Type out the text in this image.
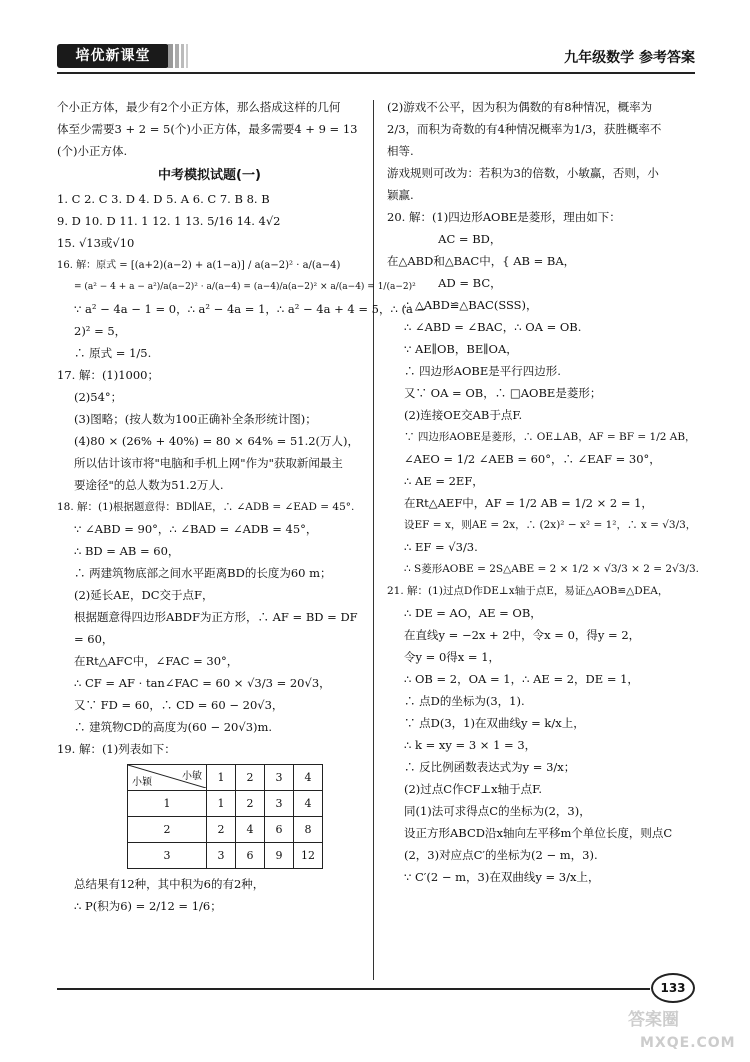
培优新课堂	九年级数学 参考答案
个小正方体，最少有2个小正方体，那么搭成这样的几何
体至少需要3 + 2 = 5(个)小正方体，最多需要4 + 9 = 13
(个)小正方体.
中考模拟试题(一)
1. C 2. C 3. D 4. D 5. A 6. C 7. B 8. B
9. D 10. D 11. 1 12. 1 13. 5/16 14. 4√2
15. √13或√10
16. 解：原式 = [(a+2)(a−2) + a(1−a)] / a(a−2)² · a/(a−4)
= (a² − 4 + a − a²)/a(a−2)² · a/(a−4) = (a−4)/a(a−2)² × a/(a−4) = 1/(a−2)²
∵ a² − 4a − 1 = 0，∴ a² − 4a = 1，∴ a² − 4a + 4 = 5，∴ (a −
2)² = 5，
∴ 原式 = 1/5.
17. 解：(1)1000；
(2)54°；
(3)图略；(按人数为100正确补全条形统计图)；
(4)80 × (26% + 40%) = 80 × 64% = 51.2(万人)，
所以估计该市将"电脑和手机上网"作为"获取新闻最主
要途径"的总人数为51.2万人.
18. 解：(1)根据题意得：BD∥AE，∴ ∠ADB = ∠EAD = 45°.
∵ ∠ABD = 90°，∴ ∠BAD = ∠ADB = 45°，
∴ BD = AB = 60，
∴ 两建筑物底部之间水平距离BD的长度为60 m；
(2)延长AE，DC交于点F，
根据题意得四边形ABDF为正方形，∴ AF = BD = DF
= 60，
在Rt△AFC中，∠FAC = 30°，
∴ CF = AF · tan∠FAC = 60 × √3/3 = 20√3，
又∵ FD = 60，∴ CD = 60 − 20√3，
∴ 建筑物CD的高度为(60 − 20√3)m.
19. 解：(1)列表如下：
小敏
小颖	1	2	3	4
1	1	2	3	4
2	2	4	6	8
3	3	6	9	12
总结果有12种，其中积为6的有2种，
∴ P(积为6) = 2/12 = 1/6；
(2)游戏不公平，因为积为偶数的有8种情况，概率为
2/3，而积为奇数的有4种情况概率为1/3，获胜概率不
相等.
游戏规则可改为：若积为3的倍数，小敏赢，否则，小
颖赢.
20. 解：(1)四边形AOBE是菱形，理由如下：
AC = BD，
在△ABD和△BAC中，{ AB = BA，
AD = BC，
∴ △ABD≌△BAC(SSS)，
∴ ∠ABD = ∠BAC，∴ OA = OB.
∵ AE∥OB，BE∥OA，
∴ 四边形AOBE是平行四边形.
又∵ OA = OB，∴ □AOBE是菱形；
(2)连接OE交AB于点F.
∵ 四边形AOBE是菱形，∴ OE⊥AB，AF = BF = 1/2 AB，
∠AEO = 1/2 ∠AEB = 60°，∴ ∠EAF = 30°，
∴ AE = 2EF，
在Rt△AEF中，AF = 1/2 AB = 1/2 × 2 = 1，
设EF = x，则AE = 2x，∴ (2x)² − x² = 1²，∴ x = √3/3，
∴ EF = √3/3.
∴ S菱形AOBE = 2S△ABE = 2 × 1/2 × √3/3 × 2 = 2√3/3.
21. 解：(1)过点D作DE⊥x轴于点E，易证△AOB≌△DEA，
∴ DE = AO，AE = OB，
在直线y = −2x + 2中，令x = 0，得y = 2，
令y = 0得x = 1，
∴ OB = 2，OA = 1，∴ AE = 2，DE = 1，
∴ 点D的坐标为(3，1).
∵ 点D(3，1)在双曲线y = k/x上，
∴ k = xy = 3 × 1 = 3，
∴ 反比例函数表达式为y = 3/x；
(2)过点C作CF⊥x轴于点F.
同(1)法可求得点C的坐标为(2，3)，
设正方形ABCD沿x轴向左平移m个单位长度，则点C
(2，3)对应点C′的坐标为(2 − m，3).
∵ C′(2 − m，3)在双曲线y = 3/x上，
133
答案圈
MXQE.COM
